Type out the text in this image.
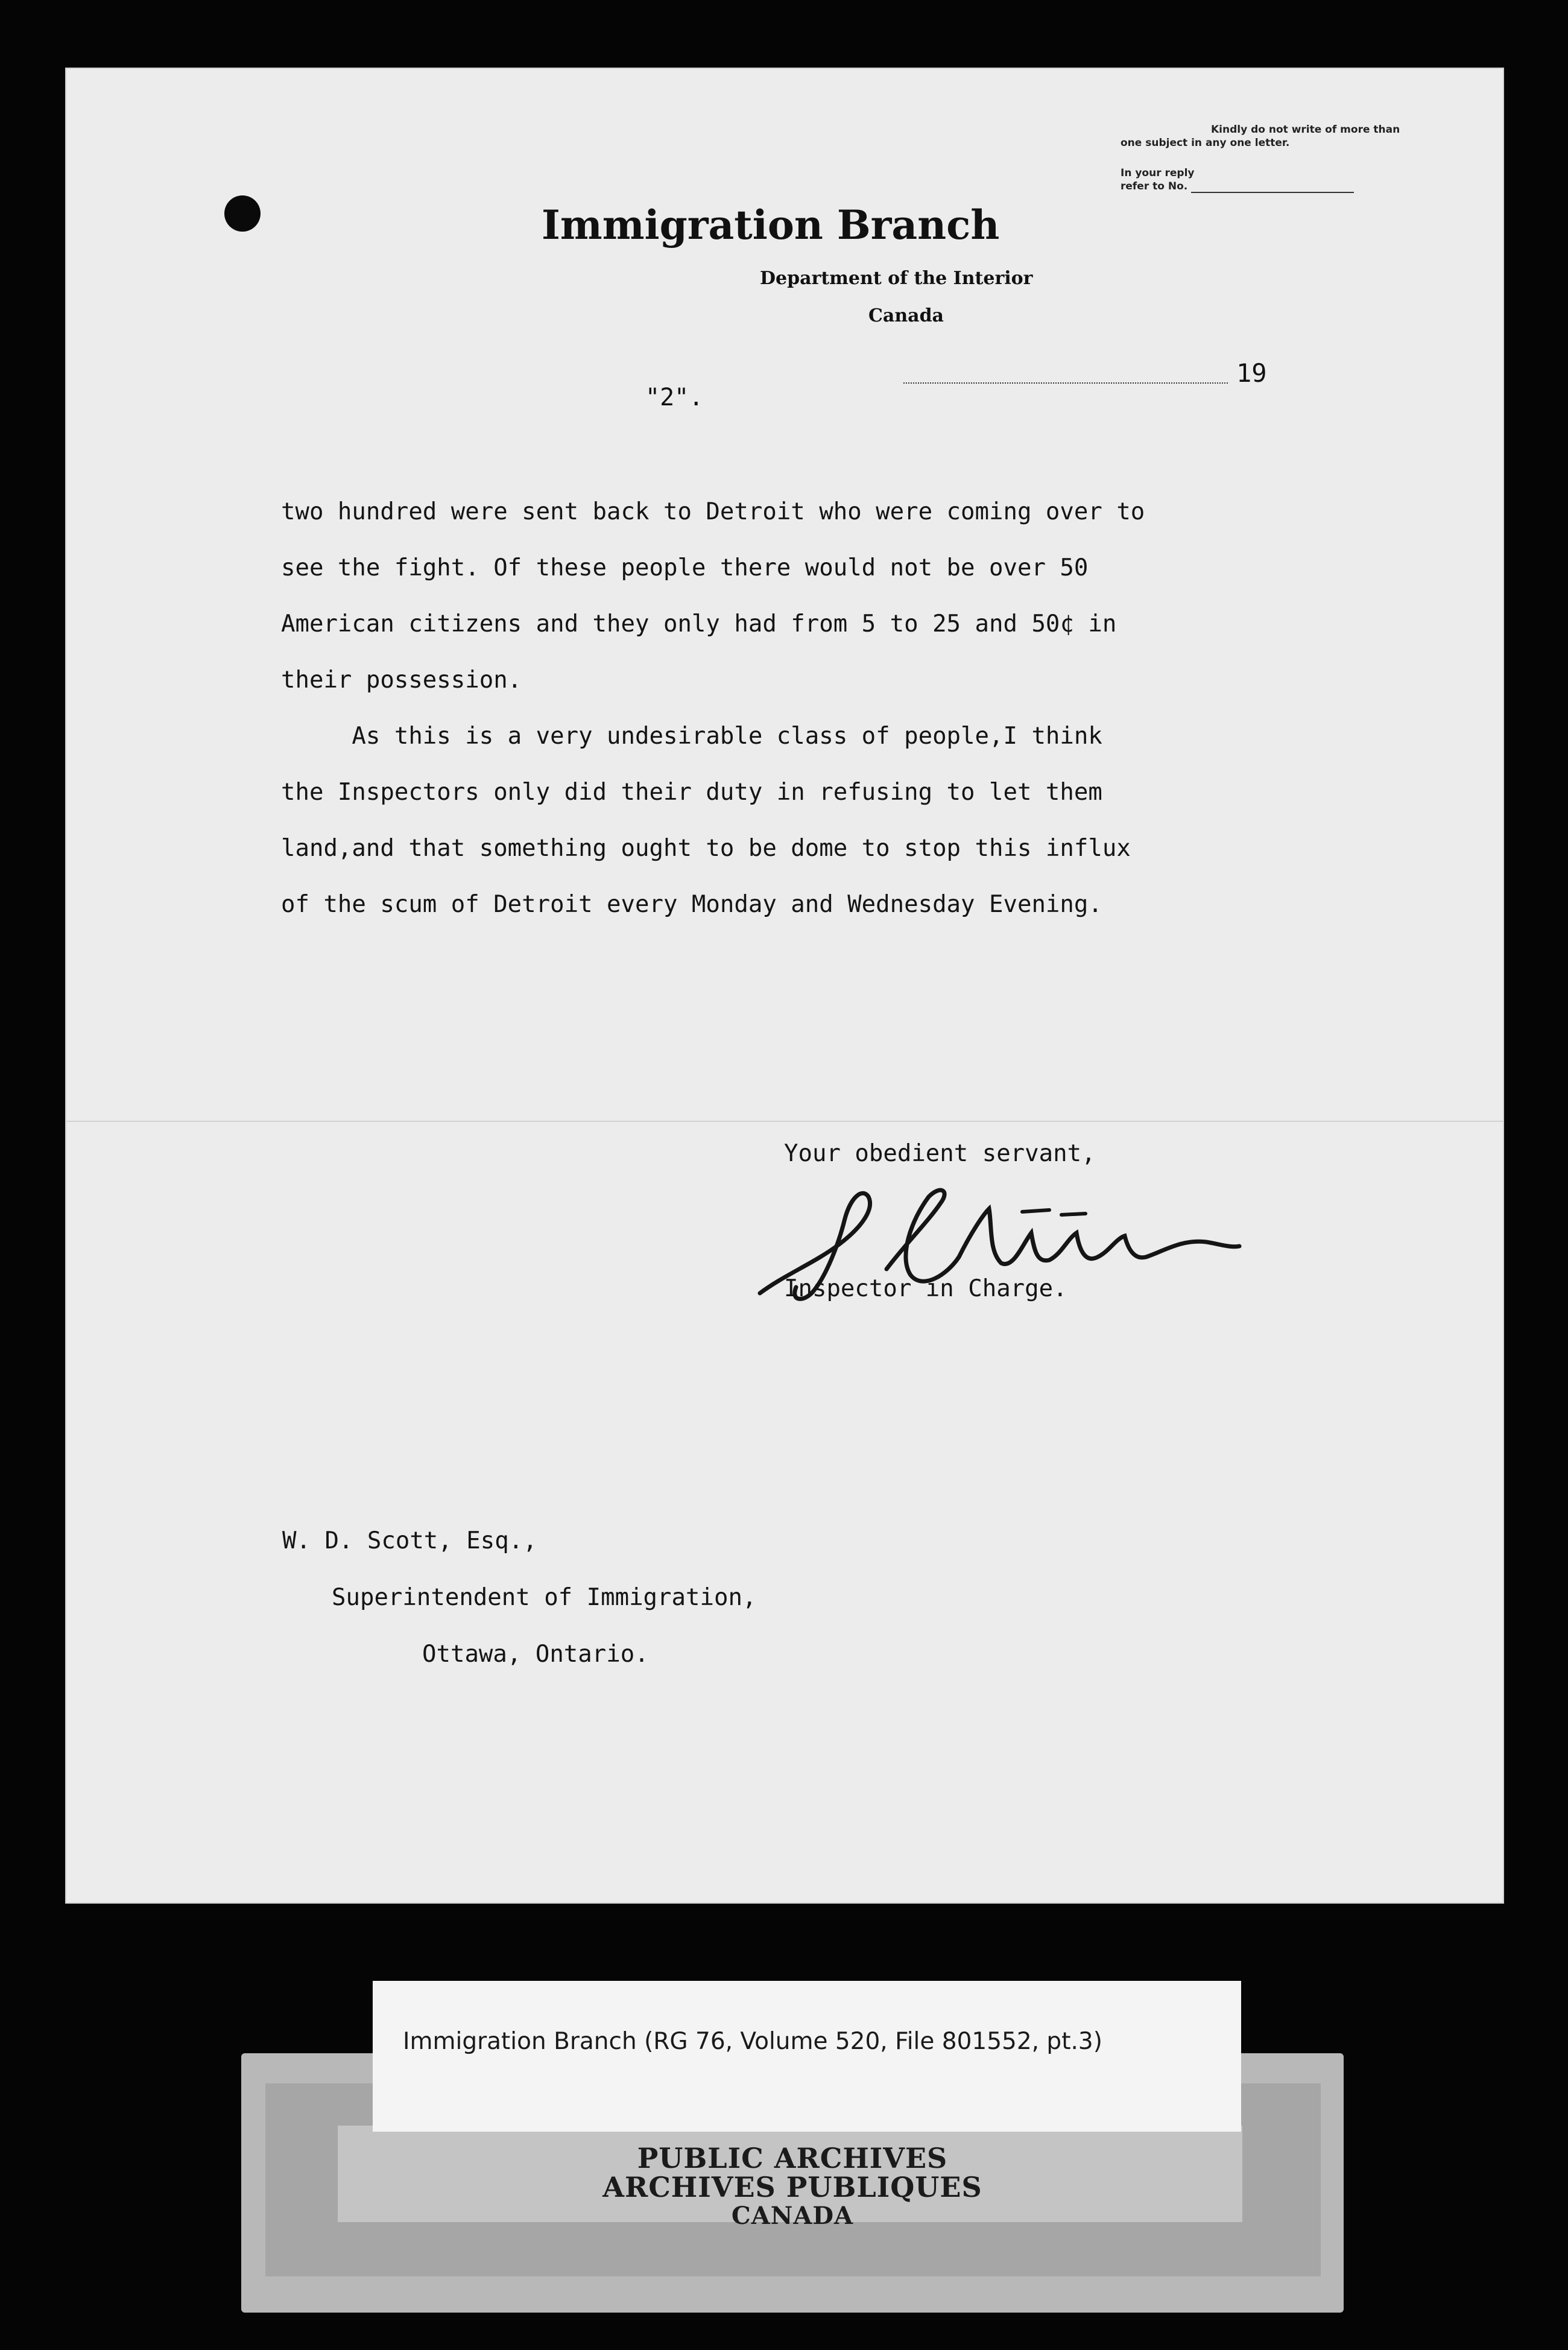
Kindly do not write of more than
one subject in any one letter.
In your reply
refer to No.
Immigration Branch
Department of the Interior
Canada
19
"2".

two hundred were sent back to Detroit who were coming over to

see the fight. Of these people there would not be over 50

American citizens and they only had from 5 to 25 and 50¢ in

their possession.

As this is a very undesirable class of people,I think

the Inspectors only did their duty in refusing to let them

land,and that something ought to be dome to stop this influx

of the scum of Detroit every Monday and Wednesday Evening.

Your obedient servant,
Inspector in Charge.
W. D. Scott, Esq.,
Superintendent of Immigration,
Ottawa, Ontario.
Immigration Branch (RG 76, Volume 520, File 801552, pt.3)
PUBLIC ARCHIVES
ARCHIVES PUBLIQUES
CANADA
